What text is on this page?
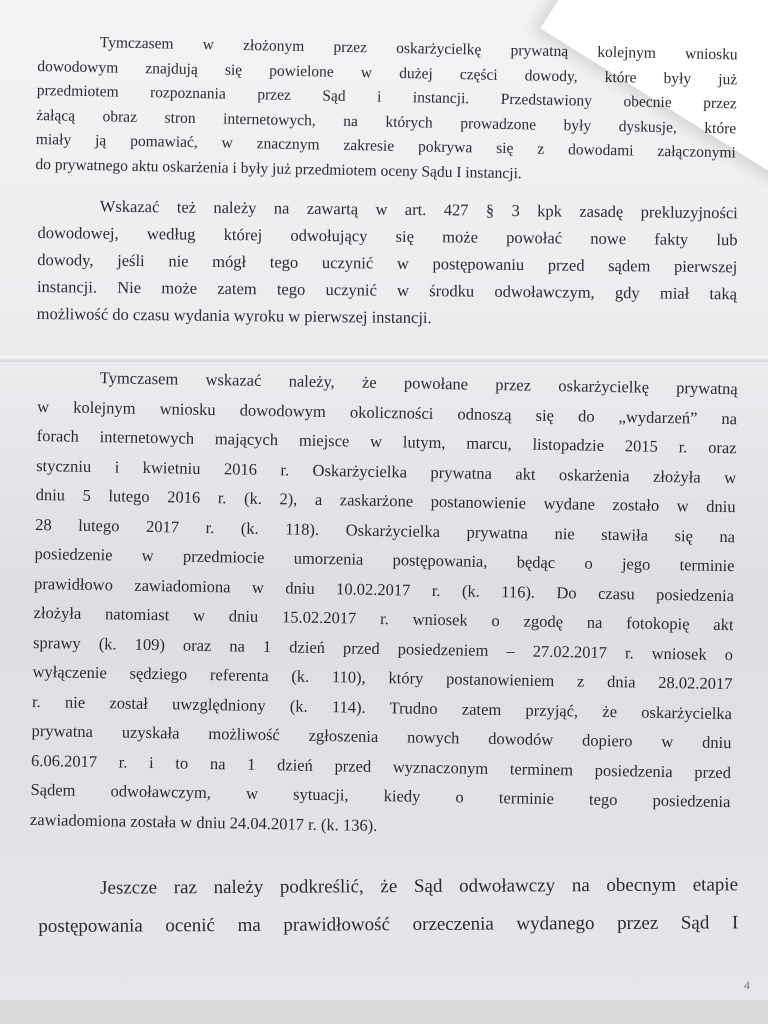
Tymczasem w złożonym przez oskarżycielkę prywatną kolejnym wniosku
dowodowym znajdują się powielone w dużej części dowody, które były już
przedmiotem rozpoznania przez Sąd i instancji. Przedstawiony obecnie przez
żałącą obraz stron internetowych, na których prowadzone były dyskusje, które
miały ją pomawiać, w znacznym zakresie pokrywa się z dowodami załączonymi
do prywatnego aktu oskarżenia i były już przedmiotem oceny Sądu I instancji.
Wskazać też należy na zawartą w art. 427 § 3 kpk zasadę prekluzyjności
dowodowej, według której odwołujący się może powołać nowe fakty lub
dowody, jeśli nie mógł tego uczynić w postępowaniu przed sądem pierwszej
instancji. Nie może zatem tego uczynić w środku odwoławczym, gdy miał taką
możliwość do czasu wydania wyroku w pierwszej instancji.
Tymczasem wskazać należy, że powołane przez oskarżycielkę prywatną
w kolejnym wniosku dowodowym okoliczności odnoszą się do „wydarzeń” na
forach internetowych mających miejsce w lutym, marcu, listopadzie 2015 r. oraz
styczniu i kwietniu 2016 r. Oskarżycielka prywatna akt oskarżenia złożyła w
dniu 5 lutego 2016 r. (k. 2), a zaskarżone postanowienie wydane zostało w dniu
28 lutego 2017 r. (k. 118). Oskarżycielka prywatna nie stawiła się na
posiedzenie w przedmiocie umorzenia postępowania, będąc o jego terminie
prawidłowo zawiadomiona w dniu 10.02.2017 r. (k. 116). Do czasu posiedzenia
złożyła natomiast w dniu 15.02.2017 r. wniosek o zgodę na fotokopię akt
sprawy (k. 109) oraz na 1 dzień przed posiedzeniem – 27.02.2017 r. wniosek o
wyłączenie sędziego referenta (k. 110), który postanowieniem z dnia 28.02.2017
r. nie został uwzględniony (k. 114). Trudno zatem przyjąć, że oskarżycielka
prywatna uzyskała możliwość zgłoszenia nowych dowodów dopiero w dniu
6.06.2017 r. i to na 1 dzień przed wyznaczonym terminem posiedzenia przed
Sądem odwoławczym, w sytuacji, kiedy o terminie tego posiedzenia
zawiadomiona została w dniu 24.04.2017 r. (k. 136).
Jeszcze raz należy podkreślić, że Sąd odwoławczy na obecnym etapie
postępowania ocenić ma prawidłowość orzeczenia wydanego przez Sąd I
4
